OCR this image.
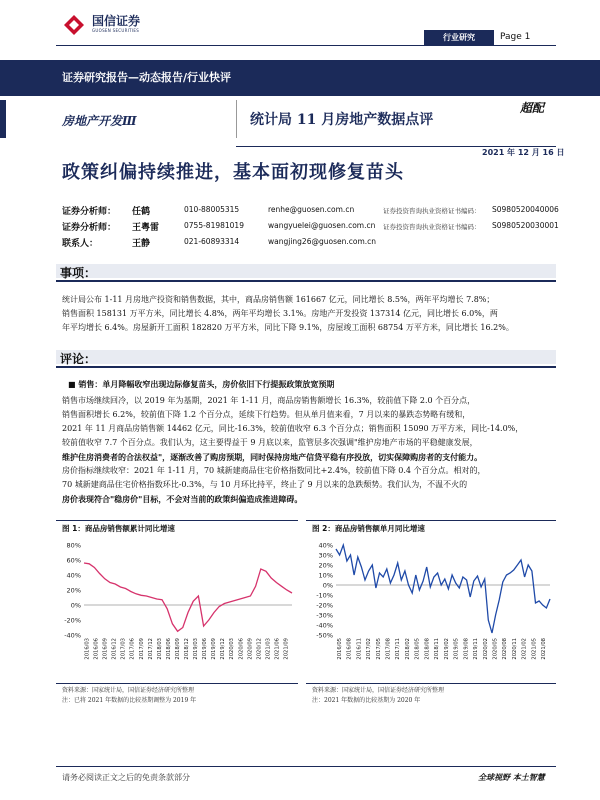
国信证券
GUOSEN SECURITIES
行业研究	Page 1
证券研究报告—动态报告/行业快评
房地产开发Ⅲ	统计局 11 月房地产数据点评
超配
2021 年 12 月 16 日
政策纠偏持续推进，基本面初现修复苗头
证券分析师： 任鹤	010-88005315	renhe@guosen.com.cn	证券投资咨询执业资格证书编码： S0980520040006
证券分析师： 王粤雷	0755-81981019	wangyuelei@guosen.com.cn 证券投资咨询执业资格证书编码： S0980520030001
联系人：	王静	021-60893314	wangjing26@guosen.com.cn
事项：
统计局公布 1-11 月房地产投资和销售数据，其中，商品房销售额 161667 亿元，同比增长 8.5%，两年平均增长 7.8%；
销售面积 158131 万平方米，同比增长 4.8%，两年平均增长 3.1%。房地产开发投资 137314 亿元，同比增长 6.0%，两
年平均增长 6.4%。房屋新开工面积 182820 万平方米，同比下降 9.1%，房屋竣工面积 68754 万平方米，同比增长 16.2%。
评论：
■ 销售：单月降幅收窄出现边际修复苗头，房价依旧下行提振政策放宽预期
销售市场继续回冷，以 2019 年为基期，2021 年 1-11 月，商品房销售额增长 16.3%，较前值下降 2.0 个百分点，
销售面积增长 6.2%，较前值下降 1.2 个百分点，延续下行趋势。但从单月值来看，7 月以来的暴跌态势略有缓和，
2021 年 11 月商品房销售额 14462 亿元，同比-16.3%，较前值收窄 6.3 个百分点；销售面积 15090 万平方米，同比-14.0%，
较前值收窄 7.7 个百分点。我们认为，这主要得益于 9 月底以来，监管层多次强调"维护房地产市场的平稳健康发展，
维护住房消费者的合法权益"，逐渐改善了购房预期，同时保持房地产信贷平稳有序投放，切实保障购房者的支付能力。
房价指标继续收窄：2021 年 1-11 月，70 城新建商品住宅价格指数同比+2.4%，较前值下降 0.4 个百分点。相对的，
70 城新建商品住宅价格指数环比-0.3%，与 10 月环比持平，终止了 9 月以来的急跌颓势。我们认为，不温不火的
房价表现符合"稳房价"目标，不会对当前的政策纠偏造成推进障碍。
图 1：商品房销售额累计同比增速
80%
60%
40%
20%
0%
-20%
-40%
2016/03 2016/06 2016/09 2016/12 2017/03 2017/06 2017/09 2017/12 2018/03 2018/06 2018/09 2018/12 2019/03 2019/06 2019/09 2019/12 2020/03 2020/06 2020/09 2020/12 2021/03 2021/06 2021/09
资料来源：国家统计局，国信证券经济研究所整理
注：已将 2021 年数据的比较基期调整为 2019 年
图 2：商品房销售额单月同比增速
40%
30%
20%
10%
0%
-10%
-20%
-30%
-40%
-50%
2016/05 2016/08 2016/11 2017/02 2017/05 2017/08 2017/11 2018/02 2018/05 2018/08 2018/11 2019/02 2019/05 2019/08 2019/11 2020/02 2020/05 2020/08 2020/11 2021/02 2021/05 2021/08
资料来源：国家统计局，国信证券经济研究所整理
注：2021 年数据的比较基期为 2020 年
请务必阅读正文之后的免责条款部分	全球视野 本土智慧
